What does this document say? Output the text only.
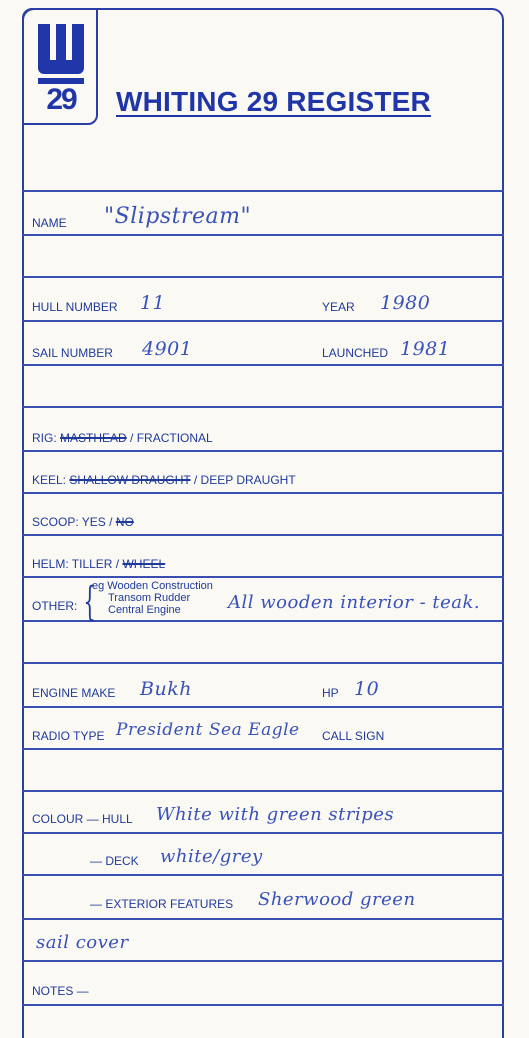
29	WHITING 29 REGISTER
NAME "Slipstream"
HULL NUMBER 11	YEAR 1980
SAIL NUMBER 4901	LAUNCHED 1981
RIG: MASTHEAD / FRACTIONAL
KEEL: SHALLOW DRAUGHT / DEEP DRAUGHT
SCOOP: YES / NO
HELM: TILLER / WHEEL
OTHER: {
eg Wooden Construction
Transom Rudder
Central Engine	All wooden interior - teak.
ENGINE MAKE Bukh	HP 10
RADIO TYPE President Sea Eagle CALL SIGN
COLOUR — HULL White with green stripes
— DECK white/grey
— EXTERIOR FEATURES Sherwood green
sail cover
NOTES —
